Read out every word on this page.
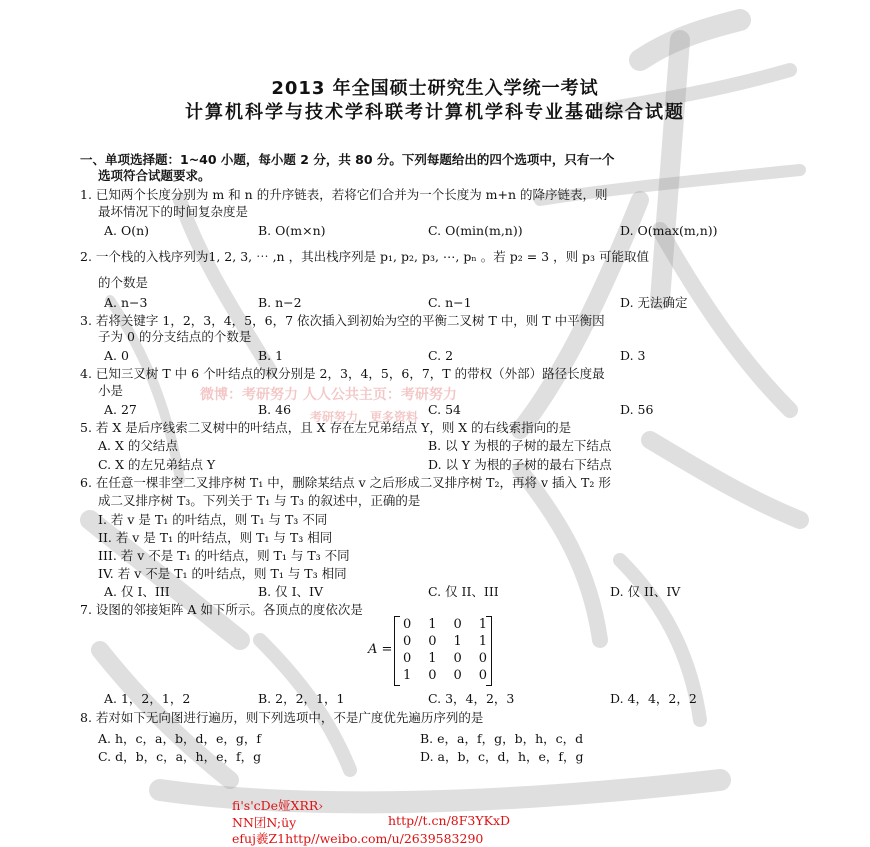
2013 年全国硕士研究生入学统一考试
计算机科学与技术学科联考计算机学科专业基础综合试题
一、单项选择题：1~40 小题，每小题 2 分，共 80 分。下列每题给出的四个选项中，只有一个
选项符合试题要求。
1. 已知两个长度分别为 m 和 n 的升序链表，若将它们合并为一个长度为 m+n 的降序链表，则
最坏情况下的时间复杂度是
A. O(n)	B. O(m×n)	C. O(min(m,n))	D. O(max(m,n))
2. 一个栈的入栈序列为1, 2, 3, ⋯ ,n ，其出栈序列是 p₁, p₂, p₃, ⋯, pₙ 。若 p₂ = 3 ，则 p₃ 可能取值
的个数是
A. n−3	B. n−2	C. n−1	D. 无法确定
3. 若将关键字 1，2，3，4，5，6，7 依次插入到初始为空的平衡二叉树 T 中，则 T 中平衡因
子为 0 的分支结点的个数是
A. 0	B. 1	C. 2	D. 3
4. 已知三叉树 T 中 6 个叶结点的权分别是 2，3，4，5，6，7，T 的带权（外部）路径长度最
小是
A. 27	B. 46	C. 54	D. 56
微博：考研努力 人人公共主页：考研努力
考研努力，更多资料
5. 若 X 是后序线索二叉树中的叶结点，且 X 存在左兄弟结点 Y，则 X 的右线索指向的是
A. X 的父结点	B. 以 Y 为根的子树的最左下结点
C. X 的左兄弟结点 Y	D. 以 Y 为根的子树的最右下结点
6. 在任意一棵非空二叉排序树 T₁ 中，删除某结点 v 之后形成二叉排序树 T₂，再将 v 插入 T₂ 形
成二叉排序树 T₃。下列关于 T₁ 与 T₃ 的叙述中，正确的是
I. 若 v 是 T₁ 的叶结点，则 T₁ 与 T₃ 不同
II. 若 v 是 T₁ 的叶结点，则 T₁ 与 T₃ 相同
III. 若 v 不是 T₁ 的叶结点，则 T₁ 与 T₃ 不同
IV. 若 v 不是 T₁ 的叶结点，则 T₁ 与 T₃ 相同
A. 仅 I、III	B. 仅 I、IV	C. 仅 II、III	D. 仅 II、IV
7. 设图的邻接矩阵 A 如下所示。各顶点的度依次是
A =
0 1 0 1
0 0 1 1
0 1 0 0
1 0 0 0
A. 1，2，1，2	B. 2，2，1，1	C. 3，4，2，3	D. 4，4，2，2
8. 若对如下无向图进行遍历，则下列选项中，不是广度优先遍历序列的是
A. h，c，a，b，d，e，g，f	B. e，a，f，g，b，h，c，d
C. d，b，c，a，h，e，f，g	D. a，b，c，d，h，e，f，g
ﬁ's'cDe娅XRR›
NN团N;üy	http//t.cn/8F3YKxD
efuj羲Z1http//weibo.com/u/2639583290
